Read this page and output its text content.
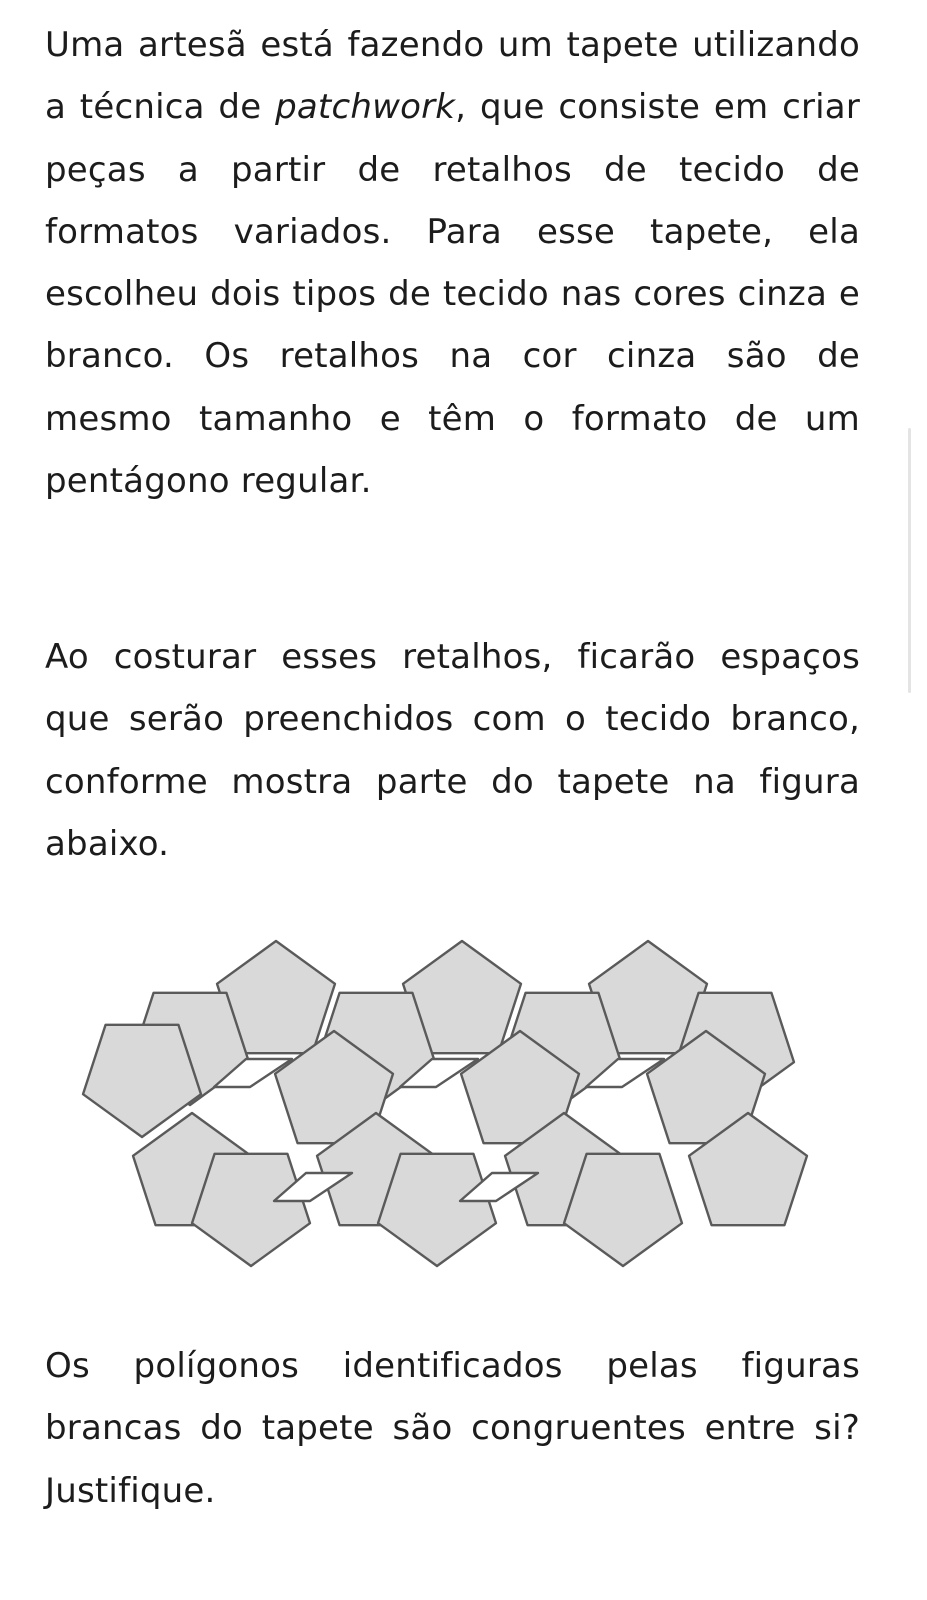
Uma artesã está fazendo um tapete utilizando a técnica de patchwork, que consiste em criar peças a partir de retalhos de tecido de formatos variados. Para esse tapete, ela escolheu dois tipos de tecido nas cores cinza e branco. Os retalhos na cor cinza são de mesmo tamanho e têm o formato de um pentágono regular.

Ao costurar esses retalhos, ficarão espaços que serão preenchidos com o tecido branco, conforme mostra parte do tapete na figura abaixo.

Os polígonos identificados pelas figuras brancas do tapete são congruentes entre si? Justifique.
